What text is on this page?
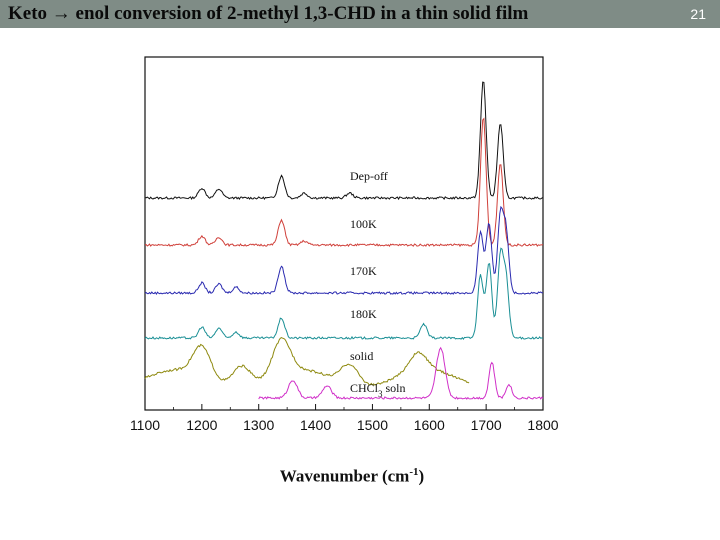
Keto → enol conversion of 2-methyl 1,3-CHD in a thin solid film	21
1100 1200 1300 1400 1500 1600 1700 1800
Dep-off
100K
170K
180K
solid
CHCl$_3$ soln
Wavenumber $(cm^{-1})$
